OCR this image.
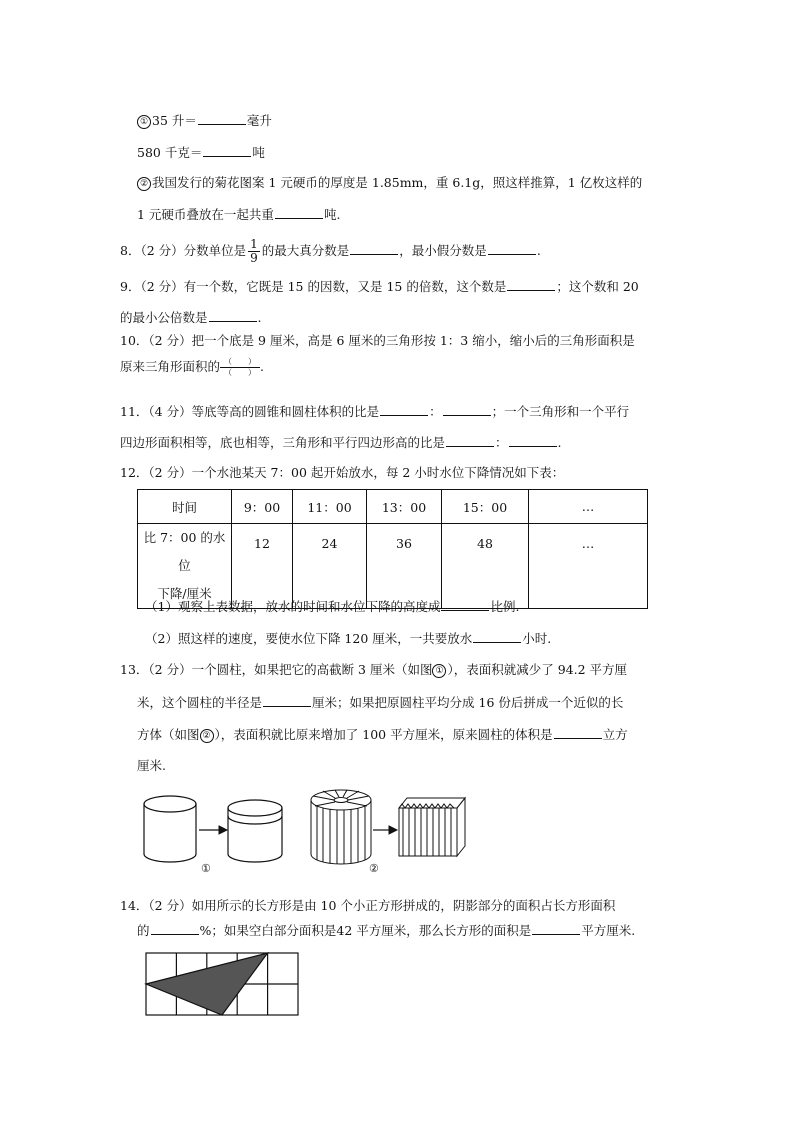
① 35 升＝	毫升
580 千克＝	吨
② 我国发行的菊花图案 1 元硬币的厚度是 1.85mm，重 6.1g，照这样推算，1 亿枚这样的
1 元硬币叠放在一起共重	吨.
8．（2 分）分数单位是 $\frac{1}{9}$ 的最大真分数是	，最小假分数是	.
9．（2 分）有一个数，它既是 15 的因数，又是 15 的倍数，这个数是	；这个数和 20
的最小公倍数是	.
10．（2 分）把一个底是 9 厘米，高是 6 厘米的三角形按 1：3 缩小，缩小后的三角形面积是
原来三角形面积的 $\frac{( )}{( )}$ .
11．（4 分）等底等高的圆锥和圆柱体积的比是	：	；一个三角形和一个平行
四边形面积相等，底也相等，三角形和平行四边形高的比是	：	.
12．（2 分）一个水池某天 7：00 起开始放水，每 2 小时水位下降情况如下表：
时间	9：00	11：00	13：00	15：00	…

比 7：00 的水位
下降/厘米	12	24	36	48	…
（1）观察上表数据，放水的时间和水位下降的高度成	比例.
（2）照这样的速度，要使水位下降 120 厘米，一共要放水	小时.
13．（2 分）一个圆柱，如果把它的高截断 3 厘米（如图 ① ），表面积就减少了 94.2 平方厘
米，这个圆柱的半径是	厘米；如果把原圆柱平均分成 16 份后拼成一个近似的长
方体（如图 ② ），表面积就比原来增加了 100 平方厘米，原来圆柱的体积是	立方
厘米.
①	②
14．（2 分）如用所示的长方形是由 10 个小正方形拼成的，阴影部分的面积占长方形面积
的	%；如果空白部分面积是42 平方厘米，那么长方形的面积是	平方厘米.
